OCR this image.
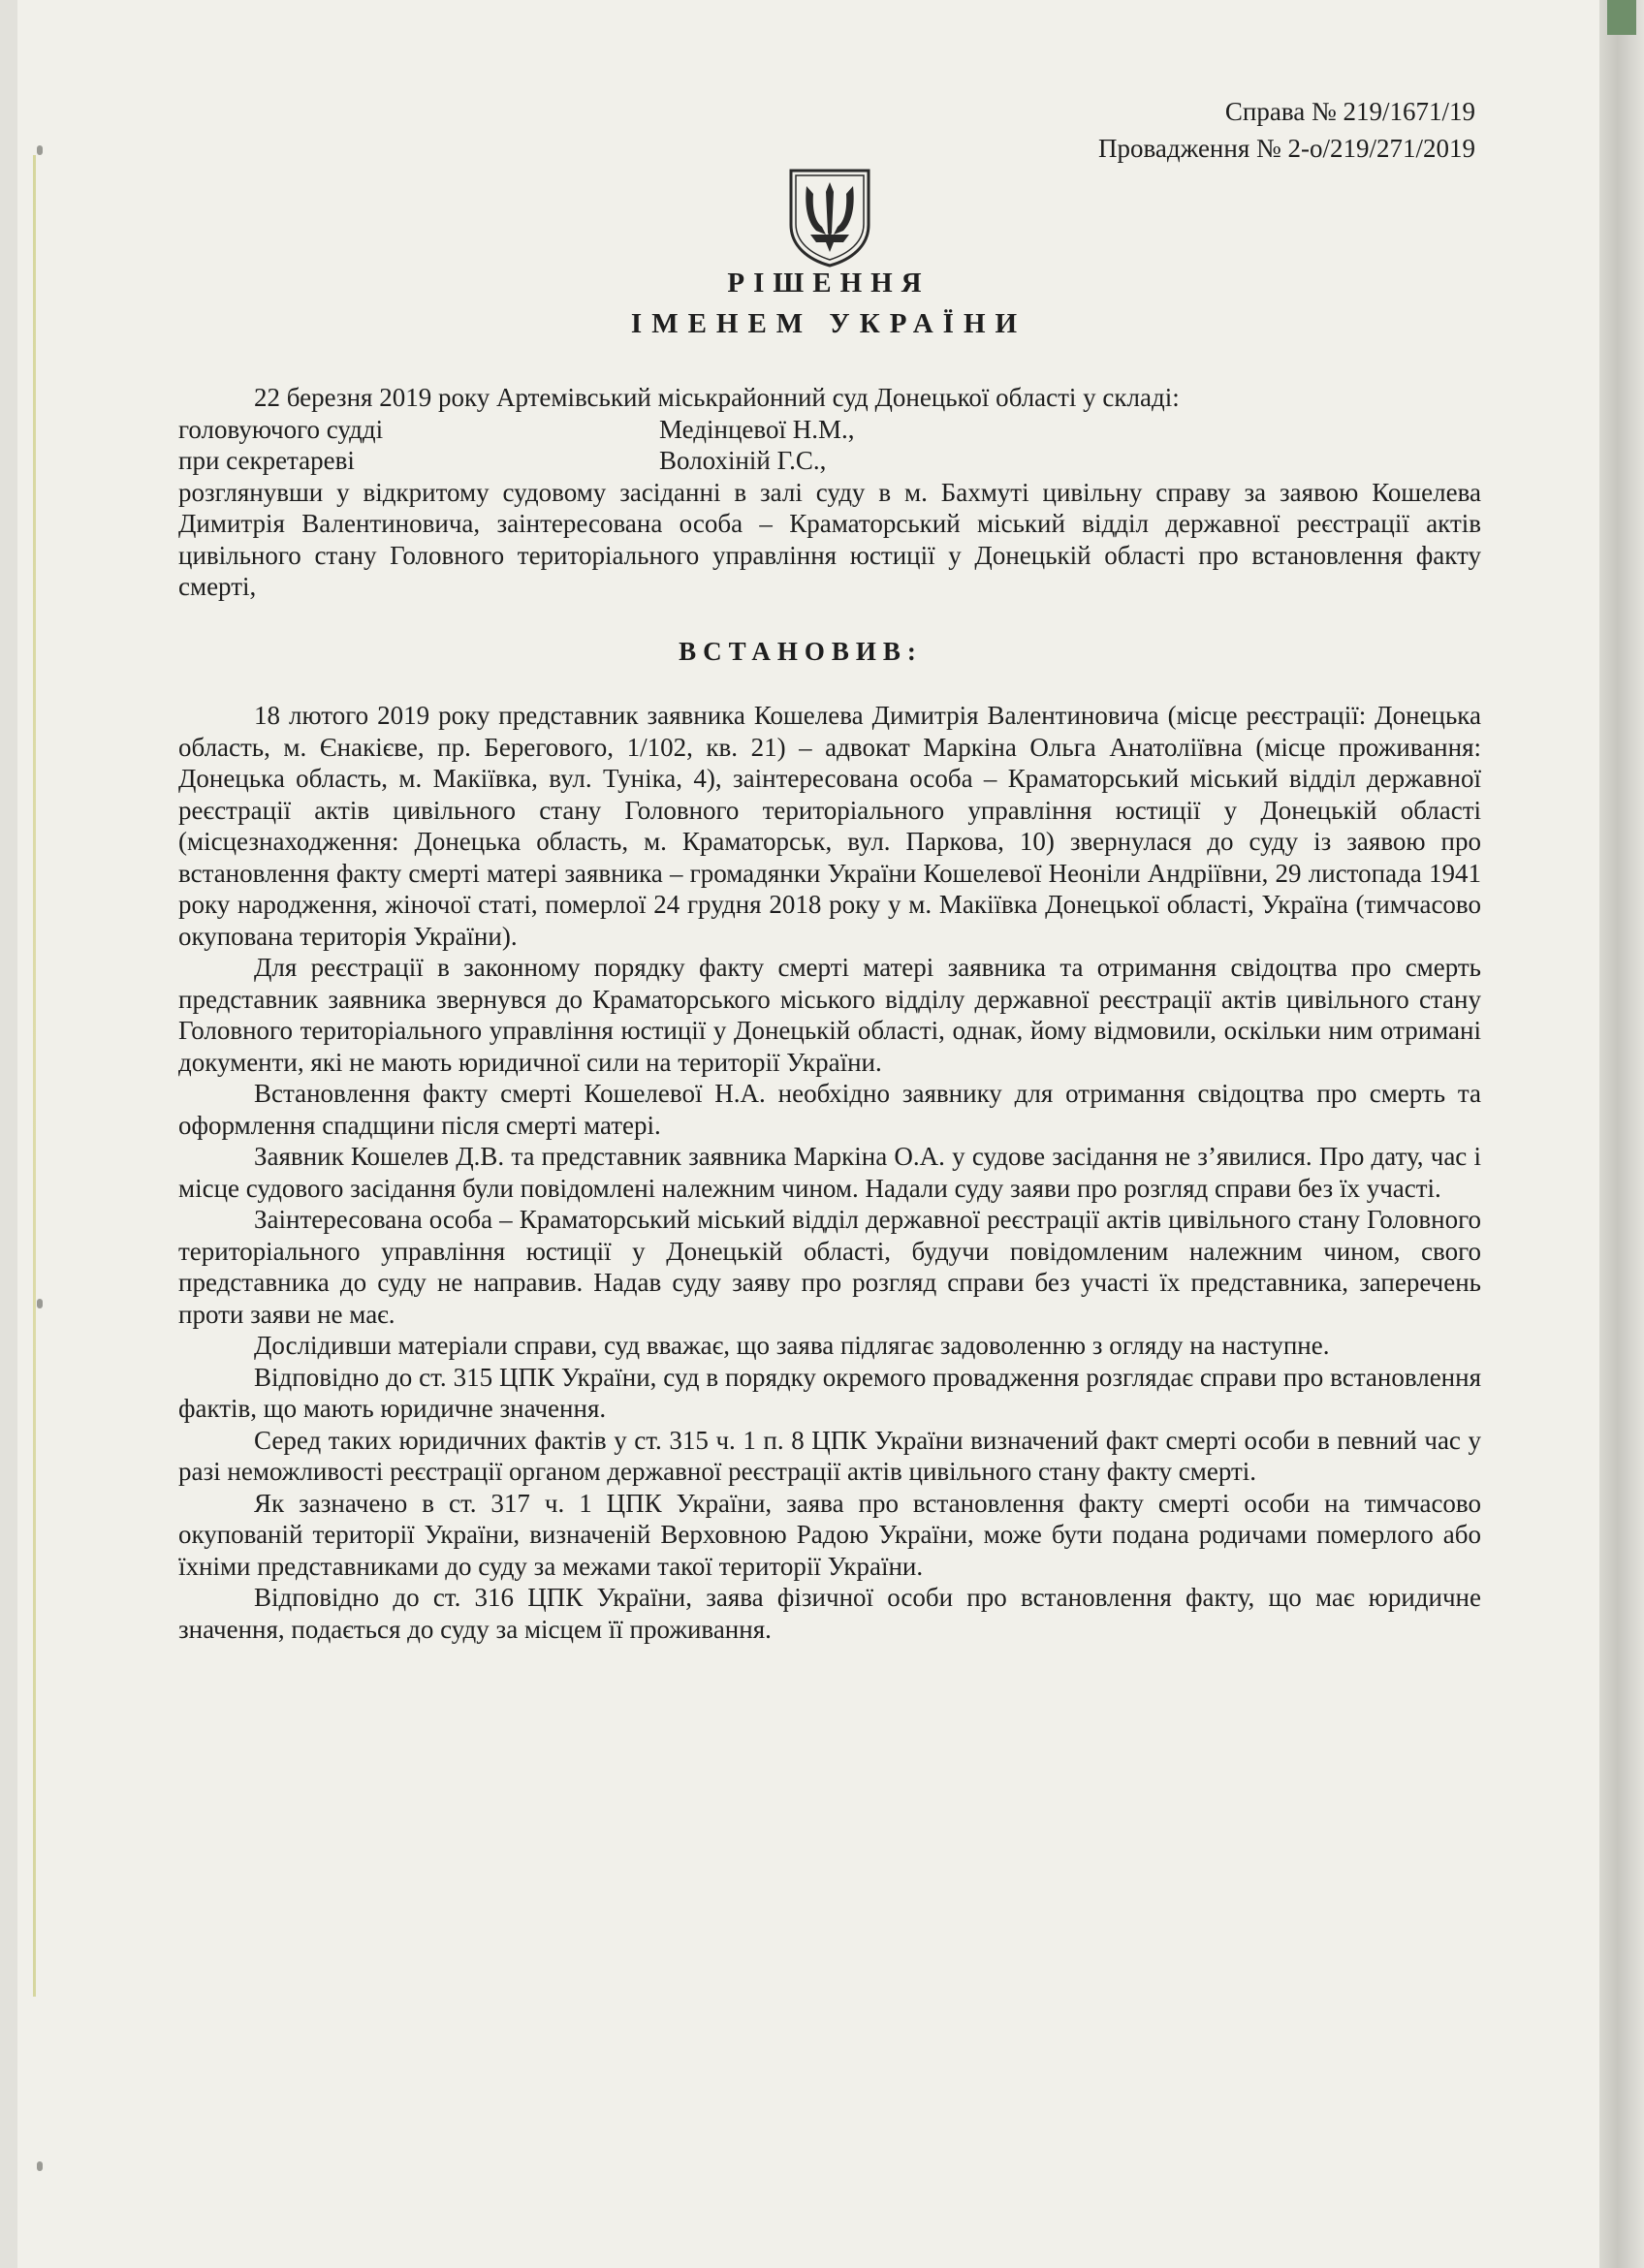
Справа № 219/1671/19
Провадження № 2-о/219/271/2019
РІШЕННЯ
ІМЕНЕМ УКРАЇНИ

22 березня 2019 року Артемівський міськрайонний суд Донецької області у складі:

головуючого судді	Медінцевої Н.М.,
при секретареві	Волохіній Г.С.,

розглянувши у відкритому судовому засіданні в залі суду в м. Бахмуті цивільну справу за заявою Кошелева Димитрія Валентиновича, заінтересована особа – Краматорський міський відділ державної реєстрації актів цивільного стану Головного територіального управління юстиції у Донецькій області про встановлення факту смерті,

ВСТАНОВИВ:

18 лютого 2019 року представник заявника Кошелева Димитрія Валентиновича (місце реєстрації: Донецька область, м. Єнакієве, пр. Берегового, 1/102, кв. 21) – адвокат Маркіна Ольга Анатоліївна (місце проживання: Донецька область, м. Макіївка, вул. Туніка, 4), заінтересована особа – Краматорський міський відділ державної реєстрації актів цивільного стану Головного територіального управління юстиції у Донецькій області (місцезнаходження: Донецька область, м. Краматорськ, вул. Паркова, 10) звернулася до суду із заявою про встановлення факту смерті матері заявника – громадянки України Кошелевої Неоніли Андріївни, 29 листопада 1941 року народження, жіночої статі, померлої 24 грудня 2018 року у м. Макіївка Донецької області, Україна (тимчасово окупована територія України).

Для реєстрації в законному порядку факту смерті матері заявника та отримання свідоцтва про смерть представник заявника звернувся до Краматорського міського відділу державної реєстрації актів цивільного стану Головного територіального управління юстиції у Донецькій області, однак, йому відмовили, оскільки ним отримані документи, які не мають юридичної сили на території України.

Встановлення факту смерті Кошелевої Н.А. необхідно заявнику для отримання свідоцтва про смерть та оформлення спадщини після смерті матері.

Заявник Кошелев Д.В. та представник заявника Маркіна О.А. у судове засідання не з’явилися. Про дату, час і місце судового засідання були повідомлені належним чином. Надали суду заяви про розгляд справи без їх участі.

Заінтересована особа – Краматорський міський відділ державної реєстрації актів цивільного стану Головного територіального управління юстиції у Донецькій області, будучи повідомленим належним чином, свого представника до суду не направив. Надав суду заяву про розгляд справи без участі їх представника, заперечень проти заяви не має.

Дослідивши матеріали справи, суд вважає, що заява підлягає задоволенню з огляду на наступне.

Відповідно до ст. 315 ЦПК України, суд в порядку окремого провадження розглядає справи про встановлення фактів, що мають юридичне значення.

Серед таких юридичних фактів у ст. 315 ч. 1 п. 8 ЦПК України визначений факт смерті особи в певний час у разі неможливості реєстрації органом державної реєстрації актів цивільного стану факту смерті.

Як зазначено в ст. 317 ч. 1 ЦПК України, заява про встановлення факту смерті особи на тимчасово окупованій території України, визначеній Верховною Радою України, може бути подана родичами померлого або їхніми представниками до суду за межами такої території України.

Відповідно до ст. 316 ЦПК України, заява фізичної особи про встановлення факту, що має юридичне значення, подається до суду за місцем її проживання.
